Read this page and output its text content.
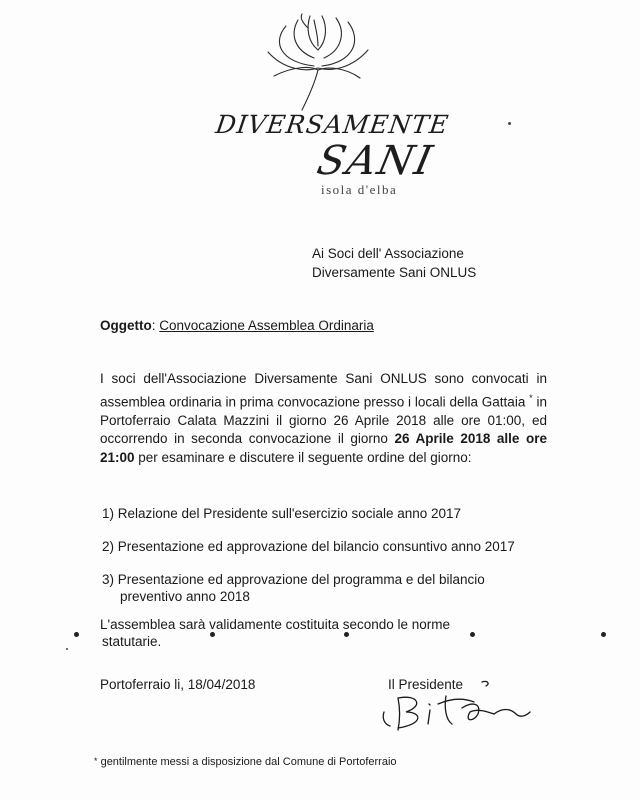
DIVERSAMENTE
SANI
isola d'elba
Ai Soci dell' Associazione
Diversamente Sani ONLUS
Oggetto: Convocazione Assemblea Ordinaria
I soci dell'Associazione Diversamente Sani ONLUS sono convocati in assemblea ordinaria in prima convocazione presso i locali della Gattaia * in Portoferraio Calata Mazzini il giorno 26 Aprile 2018 alle ore 01:00, ed occorrendo in seconda convocazione il giorno 26 Aprile 2018 alle ore 21:00 per esaminare e discutere il seguente ordine del giorno:
1) Relazione del Presidente sull'esercizio sociale anno 2017
2) Presentazione ed approvazione del bilancio consuntivo anno 2017
3) Presentazione ed approvazione del programma e del bilancio
preventivo anno 2018
L'assemblea sarà validamente costituita secondo le norme
statutarie.
Portoferraio li, 18/04/2018	Il Presidente
* gentilmente messi a disposizione dal Comune di Portoferraio
